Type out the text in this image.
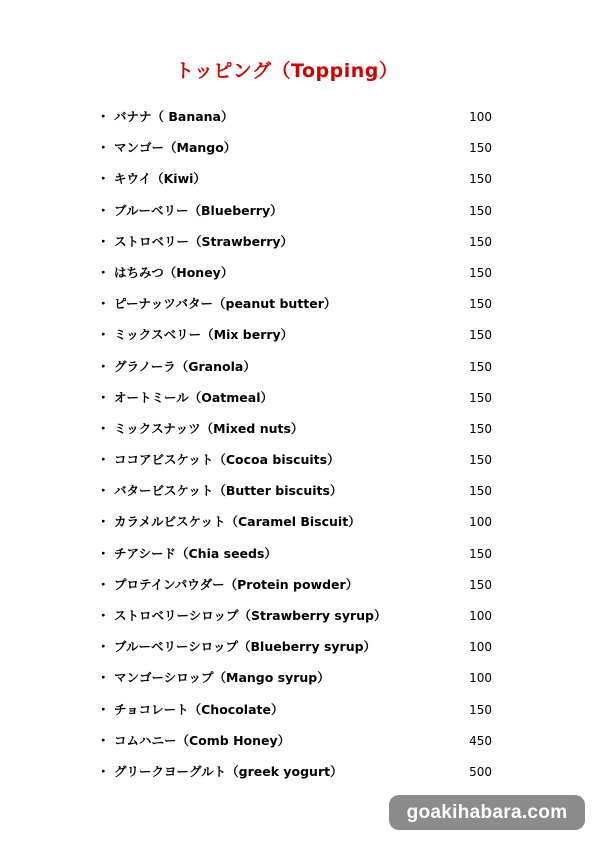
トッピング（Topping）
・ バナナ（ Banana）	100
・ マンゴー（Mango）	150
・ キウイ（Kiwi）	150
・ ブルーベリー（Blueberry）	150
・ ストロベリー（Strawberry）	150
・ はちみつ（Honey）	150
・ ピーナッツバター（peanut butter）	150
・ ミックスベリー（Mix berry）	150
・ グラノーラ（Granola）	150
・ オートミール（Oatmeal）	150
・ ミックスナッツ（Mixed nuts）	150
・ ココアビスケット（Cocoa biscuits）	150
・ バタービスケット（Butter biscuits）	150
・ カラメルビスケット（Caramel Biscuit）	100
・ チアシード（Chia seeds）	150
・ プロテインパウダー（Protein powder）	150
・ ストロベリーシロップ（Strawberry syrup）	100
・ ブルーベリーシロップ（Blueberry syrup）	100
・ マンゴーシロップ（Mango syrup）	100
・ チョコレート（Chocolate）	150
・ コムハニー（Comb Honey）	450
・ グリークヨーグルト（greek yogurt）	500
goakihabara.com
